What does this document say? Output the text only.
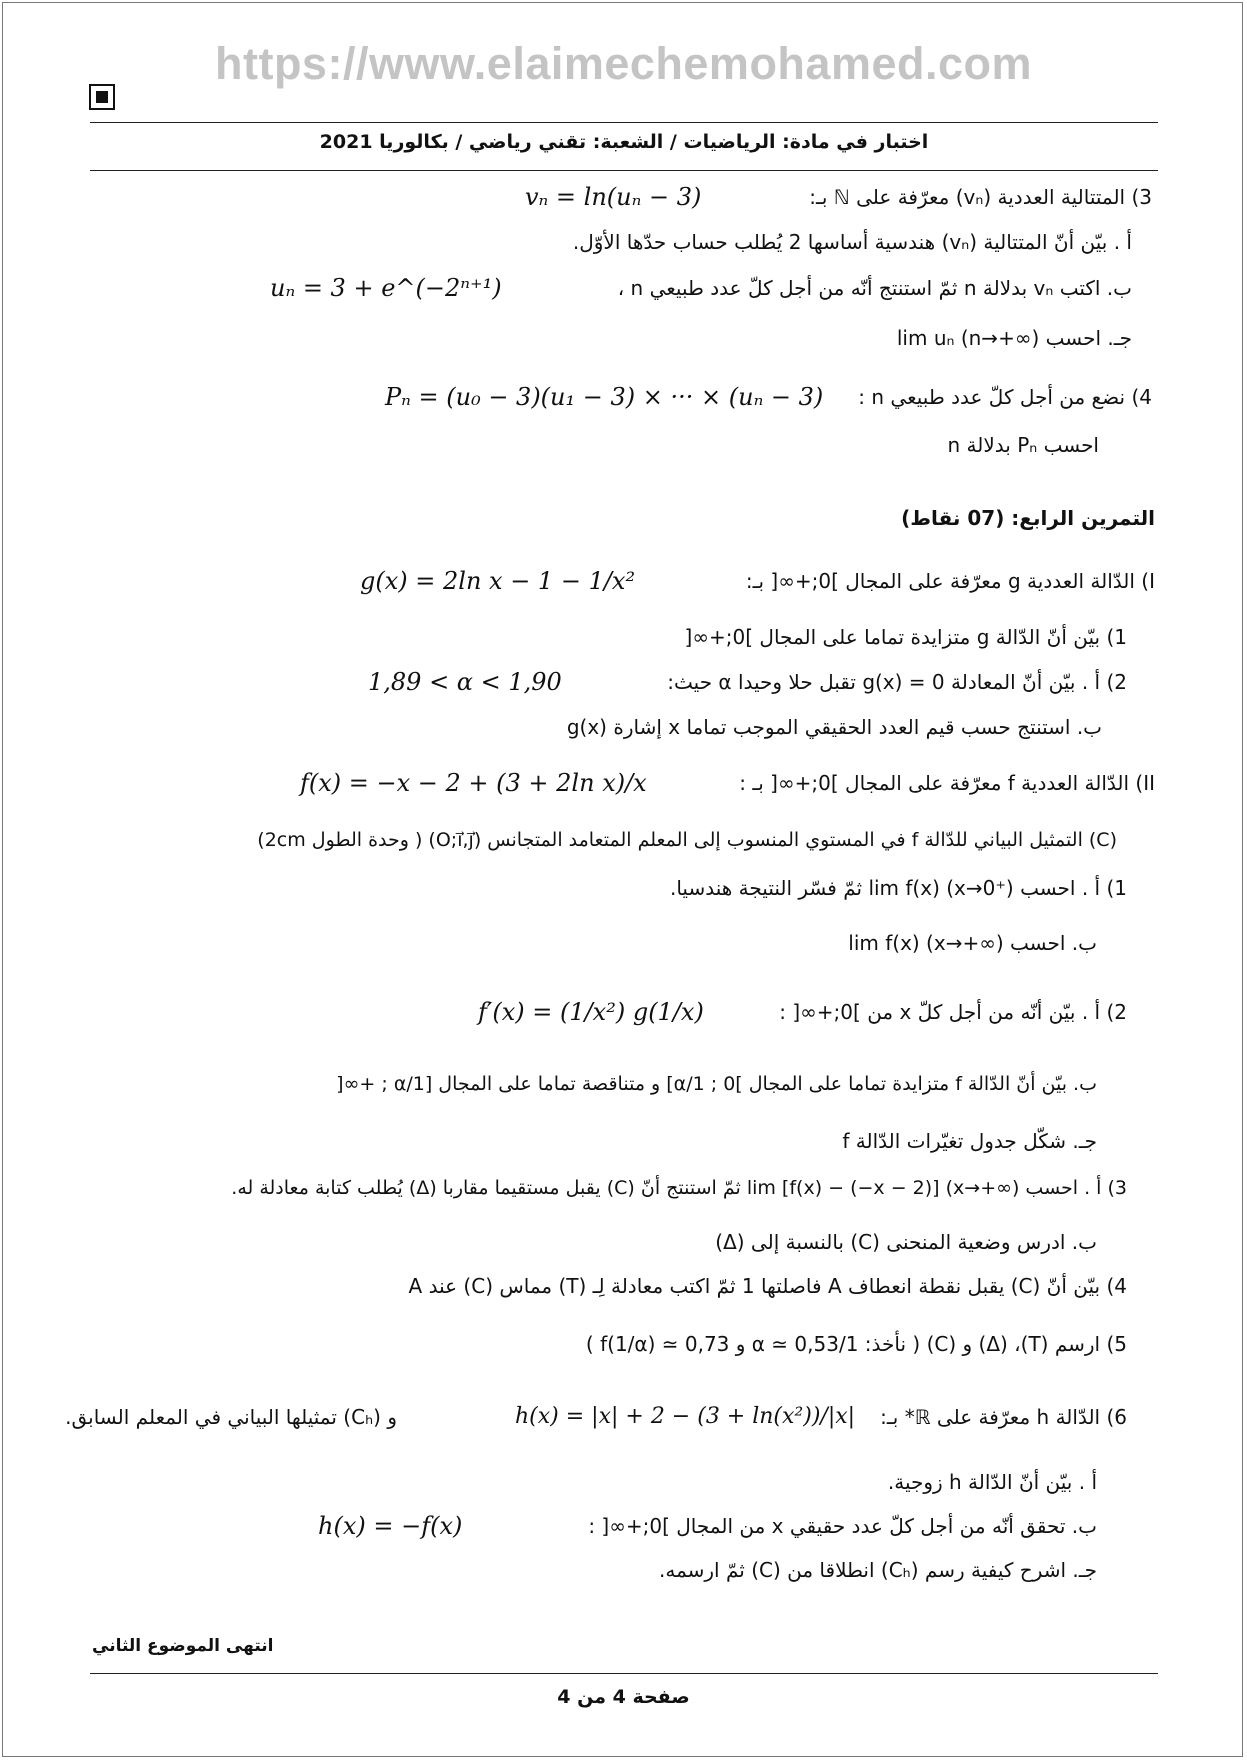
https://www.elaimechemohamed.com
اختبار في مادة: الرياضيات / الشعبة: تقني رياضي / بكالوريا 2021
3) المتتالية العددية (vₙ) معرّفة على ℕ بـ:
vₙ = ln(uₙ − 3)
أ . بيّن أنّ المتتالية (vₙ) هندسية أساسها 2 يُطلب حساب حدّها الأوّل.
ب. اكتب vₙ بدلالة n ثمّ استنتج أنّه من أجل كلّ عدد طبيعي n ،
uₙ = 3 + e^(−2ⁿ⁺¹)
جـ. احسب lim uₙ (n→+∞)
4) نضع من أجل كلّ عدد طبيعي n :
Pₙ = (u₀ − 3)(u₁ − 3) × ··· × (uₙ − 3)
احسب Pₙ بدلالة n
التمرين الرابع: (07 نقاط)
I) الدّالة العددية g معرّفة على المجال ]0;+∞[ بـ:
g(x) = 2ln x − 1 − 1/x²
1) بيّن أنّ الدّالة g متزايدة تماما على المجال ]0;+∞[
2) أ . بيّن أنّ المعادلة g(x) = 0 تقبل حلا وحيدا α حيث:
1,89 < α < 1,90
ب. استنتج حسب قيم العدد الحقيقي الموجب تماما x إشارة g(x)
II) الدّالة العددية f معرّفة على المجال ]0;+∞[ بـ :
f(x) = −x − 2 + (3 + 2ln x)/x
(C) التمثيل البياني للدّالة f في المستوي المنسوب إلى المعلم المتعامد المتجانس (O;i⃗,j⃗) ( وحدة الطول 2cm)
1) أ . احسب lim f(x) (x→0⁺) ثمّ فسّر النتيجة هندسيا.
ب. احسب lim f(x) (x→+∞)
2) أ . بيّن أنّه من أجل كلّ x من ]0;+∞[ :
f′(x) = (1/x²) g(1/x)
ب. بيّن أنّ الدّالة f متزايدة تماما على المجال ]0 ; 1/α] و متناقصة تماما على المجال [1/α ; +∞[
جـ. شكّل جدول تغيّرات الدّالة f
3) أ . احسب lim [f(x) − (−x − 2)] (x→+∞) ثمّ استنتج أنّ (C) يقبل مستقيما مقاربا (Δ) يُطلب كتابة معادلة له.
ب. ادرس وضعية المنحنى (C) بالنسبة إلى (Δ)
4) بيّن أنّ (C) يقبل نقطة انعطاف A فاصلتها 1 ثمّ اكتب معادلة لِـ (T) مماس (C) عند A
5) ارسم (T)، (Δ) و (C) ( نأخذ: 1/α ≃ 0,53 و f(1/α) ≃ 0,73 )
6) الدّالة h معرّفة على ℝ* بـ:
h(x) = |x| + 2 − (3 + ln(x²))/|x|
و (Cₕ) تمثيلها البياني في المعلم السابق.
أ . بيّن أنّ الدّالة h زوجية.
ب. تحقق أنّه من أجل كلّ عدد حقيقي x من المجال ]0;+∞[ :
h(x) = −f(x)
جـ. اشرح كيفية رسم (Cₕ) انطلاقا من (C) ثمّ ارسمه.
انتهى الموضوع الثاني
صفحة 4 من 4
